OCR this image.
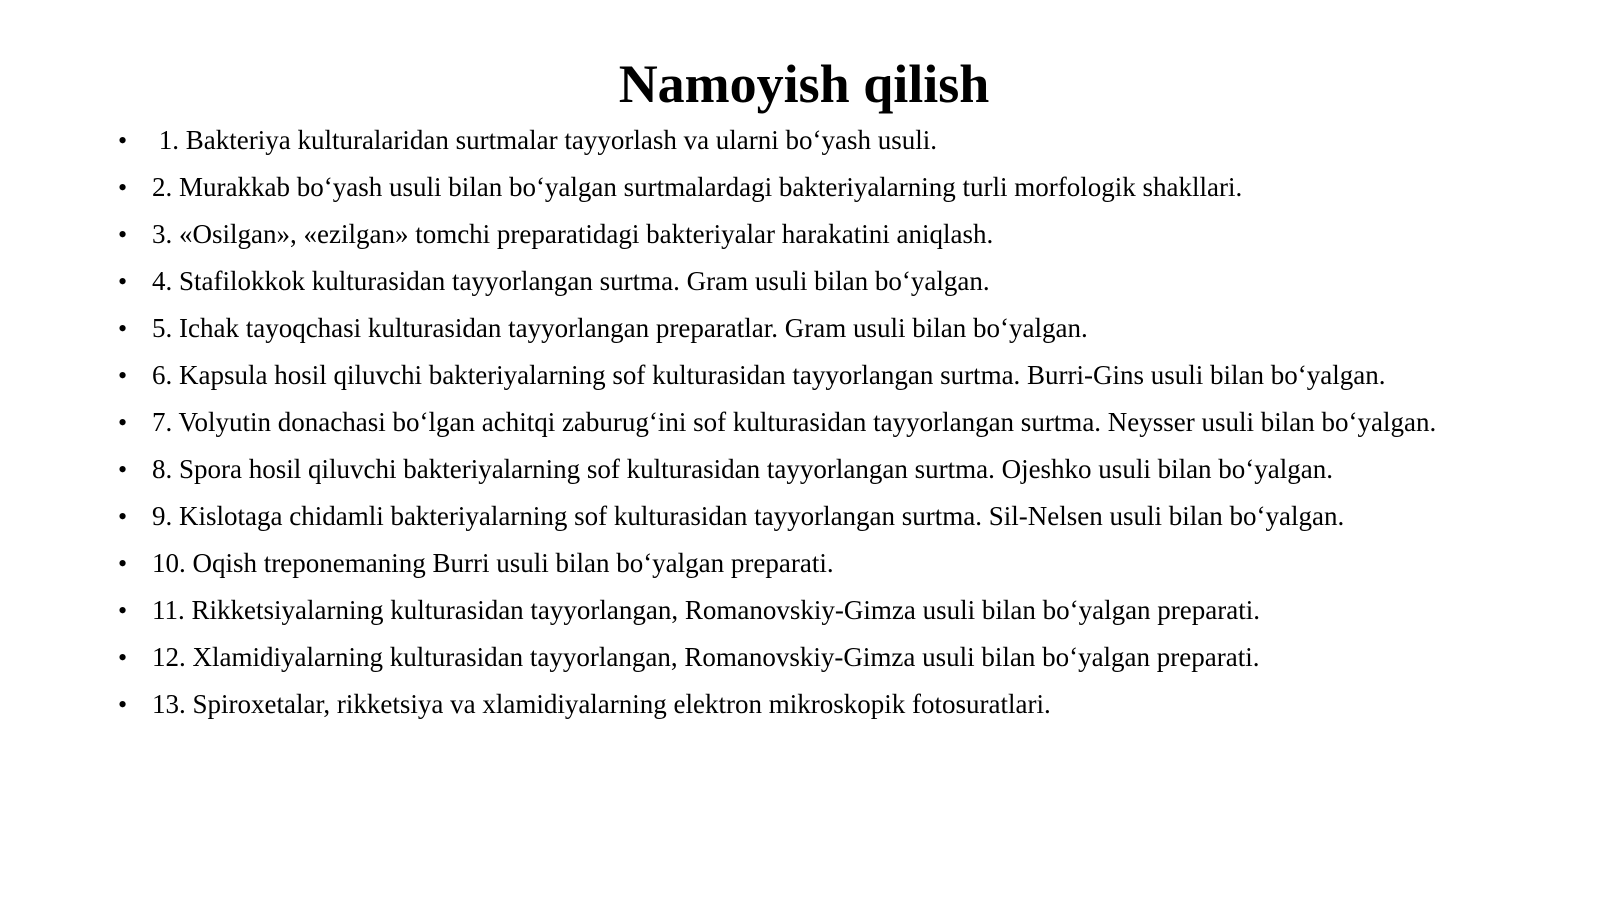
Namoyish qilish
• 1. Bakteriya kulturalaridan surtmalar tayyorlash va ularni bo‘yash usuli.
• 2. Murakkab bo‘yash usuli bilan bo‘yalgan surtmalardagi bakteriyalarning turli morfologik shakllari.
• 3. «Osilgan», «ezilgan» tomchi preparatidagi bakteriyalar harakatini aniqlash.
• 4. Stafilokkok kulturasidan tayyorlangan surtma. Gram usuli bilan bo‘yalgan.
• 5. Ichak tayoqchasi kulturasidan tayyorlangan preparatlar. Gram usuli bilan bo‘yalgan.
• 6. Kapsula hosil qiluvchi bakteriyalarning sof kulturasidan tayyorlangan surtma. Burri-Gins usuli bilan bo‘yalgan.
• 7. Volyutin donachasi bo‘lgan achitqi zaburug‘ini sof kulturasidan tayyorlangan surtma. Neysser usuli bilan bo‘yalgan.
• 8. Spora hosil qiluvchi bakteriyalarning sof kulturasidan tayyorlangan surtma. Ojeshko usuli bilan bo‘yalgan.
• 9. Kislotaga chidamli bakteriyalarning sof kulturasidan tayyorlangan surtma. Sil-Nelsen usuli bilan bo‘yalgan.
• 10. Oqish treponemaning Burri usuli bilan bo‘yalgan preparati.
• 11. Rikketsiyalarning kulturasidan tayyorlangan, Romanovskiy-Gimza usuli bilan bo‘yalgan preparati.
• 12. Xlamidiyalarning kulturasidan tayyorlangan, Romanovskiy-Gimza usuli bilan bo‘yalgan preparati.
• 13. Spiroxetalar, rikketsiya va xlamidiyalarning elektron mikroskopik fotosuratlari.
